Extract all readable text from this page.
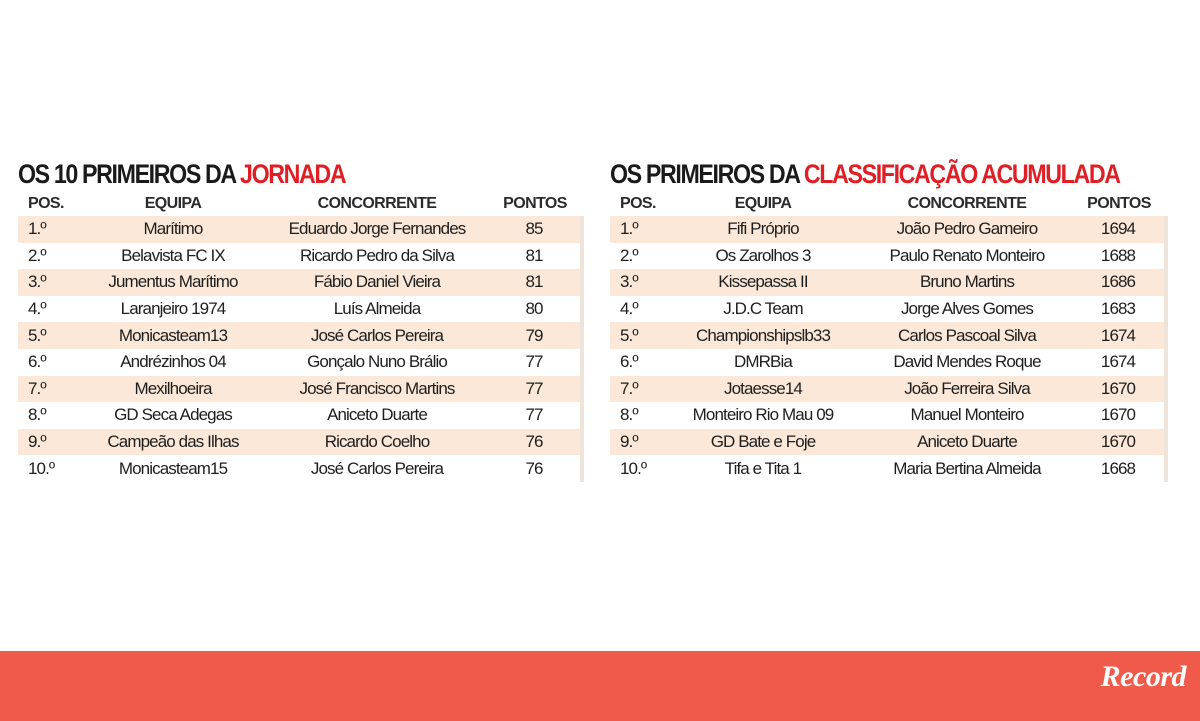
OS 10 PRIMEIROS DA JORNADA
POS.	EQUIPA	CONCORRENTE	PONTOS
1.º	Marítimo	Eduardo Jorge Fernandes	85
2.º	Belavista FC IX	Ricardo Pedro da Silva	81
3.º	Jumentus Marítimo	Fábio Daniel Vieira	81
4.º	Laranjeiro 1974	Luís Almeida	80
5.º	Monicasteam13	José Carlos Pereira	79
6.º	Andrézinhos 04	Gonçalo Nuno Brálio	77
7.º	Mexilhoeira	José Francisco Martins	77
8.º	GD Seca Adegas	Aniceto Duarte	77
9.º	Campeão das Ilhas	Ricardo Coelho	76
10.º	Monicasteam15	José Carlos Pereira	76
OS PRIMEIROS DA CLASSIFICAÇÃO ACUMULADA
POS.	EQUIPA	CONCORRENTE	PONTOS
1.º	Fifi Próprio	João Pedro Gameiro	1694
2.º	Os Zarolhos 3	Paulo Renato Monteiro	1688
3.º	Kissepassa II	Bruno Martins	1686
4.º	J.D.C Team	Jorge Alves Gomes	1683
5.º	Championshipslb33	Carlos Pascoal Silva	1674
6.º	DMRBia	David Mendes Roque	1674
7.º	Jotaesse14	João Ferreira Silva	1670
8.º	Monteiro Rio Mau 09	Manuel Monteiro	1670
9.º	GD Bate e Foje	Aniceto Duarte	1670
10.º	Tifa e Tita 1	Maria Bertina Almeida	1668
Record
